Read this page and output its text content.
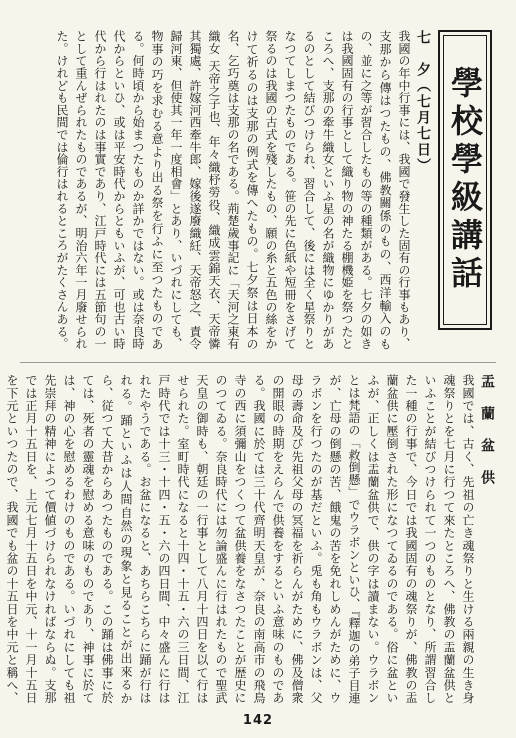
學校學級講話
七　夕（七月七日）
我國の年中行事には、我國で發生した固有の行事もあり、支那から傳はつたもの、佛教關係のもの、西洋輸入のもの、並に之等が習合したもの等の種類がある。七夕の如きは我國固有の行事として織り物の神たる棚機姫を祭つたところへ、支那の牽牛織女といふ星の名が織物にゆかりがあるのとして結びつけられ、習合して、後には全く星祭りとなつてしまつたものである。笹の先に色紙や短冊をさげて祭るのは我國の古式を殘したもの、願の糸と五色の絲をかけて祈るのは支那の例式を傳へたもの。七夕祭は日本の名、乞巧奠は支那の名である。荊楚歲事記に「天河之東有織女 天帝之子也、年々織杼勞役、織成雲錦天衣、天帝憐其獨處、許嫁河西牽牛郎、嫁後遂廢織紝、天帝怒之、責令歸河東、但使其一年一度相會」とあり、いづれにしても、物事の巧を求むる意より出る祭を行ふに至つたものである。何時頃から始まつたものか詳かではない。或は奈良時代からといひ、或は平安時代からともいふが、可也古い時代から行はれたのは事實であり、江戸時代には五節句の一として重んぜられたものであるが、明治六年一月廢せられた。けれども民間では倫行はれるところがたくさんある。
盂　蘭　盆　供
我國では、古く、先祖の亡き魂祭りと生ける兩親の生き身魂祭りとを七月に行つて來たところへ、佛教の盂蘭盆供といふことが結びつけられて一つのものとなり、所謂習合した一種の行事で、今日では我國固有の魂祭りが、佛教の盂蘭盆供に壓倒された形になつてゐるのである。俗に盆といふが、正しくは盂蘭盆供で、供の字は讀まない。ウラボンとは梵語の「救倒懸」でウラボンといひ、『釋迦の弟子目連が、亡母の倒懸の苦、餓鬼の苦を免れしめんがために、ウラボンを行つたのが基だといふ。兎も角もウラボンは、父母の壽命及び先祖父母の冥福を祈らんがために、佛及僧衆の開眼の時期をえらんで供養をするといふ意味のものである。我國に於ては三十代齊明天皇が、奈良の南高市の飛鳥寺の西に須彌山をつくつて盆供養をなさつたことが歴史にのつてゐる。奈良時代には勿論盛んに行はれたもので聖武天皇の御時も、朝廷の一行事として八月十四日を以て行はせられた。室町時代になると十四・十五・六の三日間、江戸時代では十三・十四・五・六の四日間、中々盛んに行はれたやうである。お盆になると、あちらこちらに踊が行はれる。踊といふは人間自然の現象と見ることが出來るから、従つて大昔からあつたものである。この踊は佛事に於ては、死者の靈魂を慰める意味のものであり、神事に於ては、神の心を慰めるわけのものである。いづれにしても祖先崇拜の精神によつて價値づけられなければならぬ。支那では正月十五日を、上元七月十五日を中元、十一月十五日を下元といつたので、我國でも盆の十五日を中元と稱へ、
142
